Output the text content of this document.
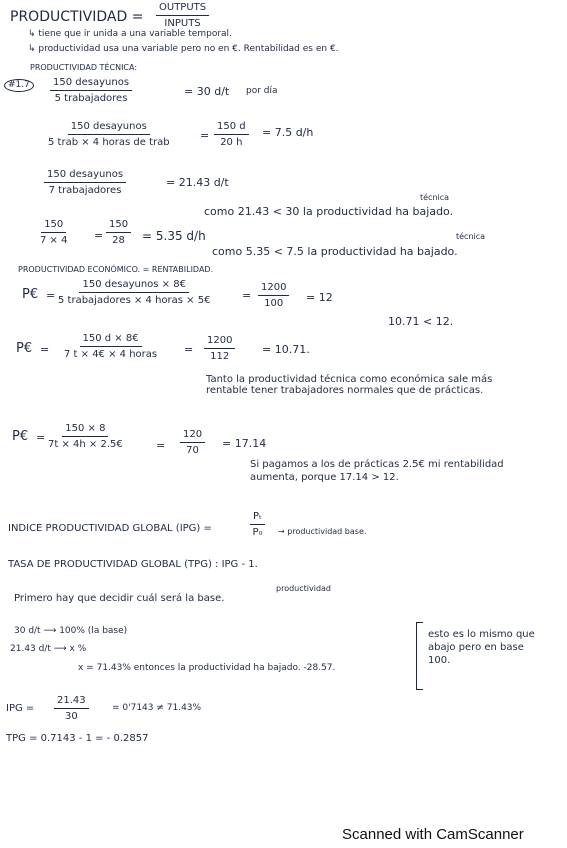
PRODUCTIVIDAD =
OUTPUTS
INPUTS
↳ tiene que ir unida a una variable temporal.
↳ productividad usa una variable pero no en €. Rentabilidad es en €.
PRODUCTIVIDAD TÉCNICA:
#1.7	150 desayunos
5 trabajadores
= 30 d/t por día
150 desayunos
5 trab × 4 horas de trab
= $\frac{150 d}{20 h} = 7.5$ d/h
150 desayunos
7 trabajadores
= 21.43 d/t
técnica
como 21.43 < 30 la productividad ha bajado.
$\frac{150}{7 \times 4} = \frac{150}{28} = 5.35$ d/h	técnica
como 5.35 < 7.5 la productividad ha bajado.
PRODUCTIVIDAD ECONÓMICO. = RENTABILIDAD.
P€ =
150 desayunos × 8€
5 trabajadores × 4 horas × 5€	= $\frac{1200}{100} = 12$
10.71 < 12.
P€ =
150 d × 8€
7 t × 4€ × 4 horas = $\frac{1200}{112} = 10.71$.
Tanto la productividad técnica como económica sale más rentable tener trabajadores normales que de prácticas.
P€ = $\frac{150 \times 8}{7t \times 4h \times 2.5€}$	= $\frac{120}{70} = 17.14$
Si pagamos a los de prácticas 2.5€ mi rentabilidad aumenta, porque 17.14 > 12.
INDICE PRODUCTIVIDAD GLOBAL (IPG) =	$\frac{\text{Pₜ}}{\text{P₀}}$ → productividad base.
TASA DE PRODUCTIVIDAD GLOBAL (TPG) : IPG - 1.
productividad
Primero hay que decidir cuál será la base.
30 d/t ⟶ 100% (la base)
21.43 d/t ⟶ x %
x = 71.43% entonces la productividad ha bajado. -28.57.
esto es lo mismo que abajo pero en base 100.
IPG = $\frac{21.43}{30}$	= 0'7143 ≠ 71.43%
TPG = 0.7143 - 1 = - 0.2857
Scanned with CamScanner
